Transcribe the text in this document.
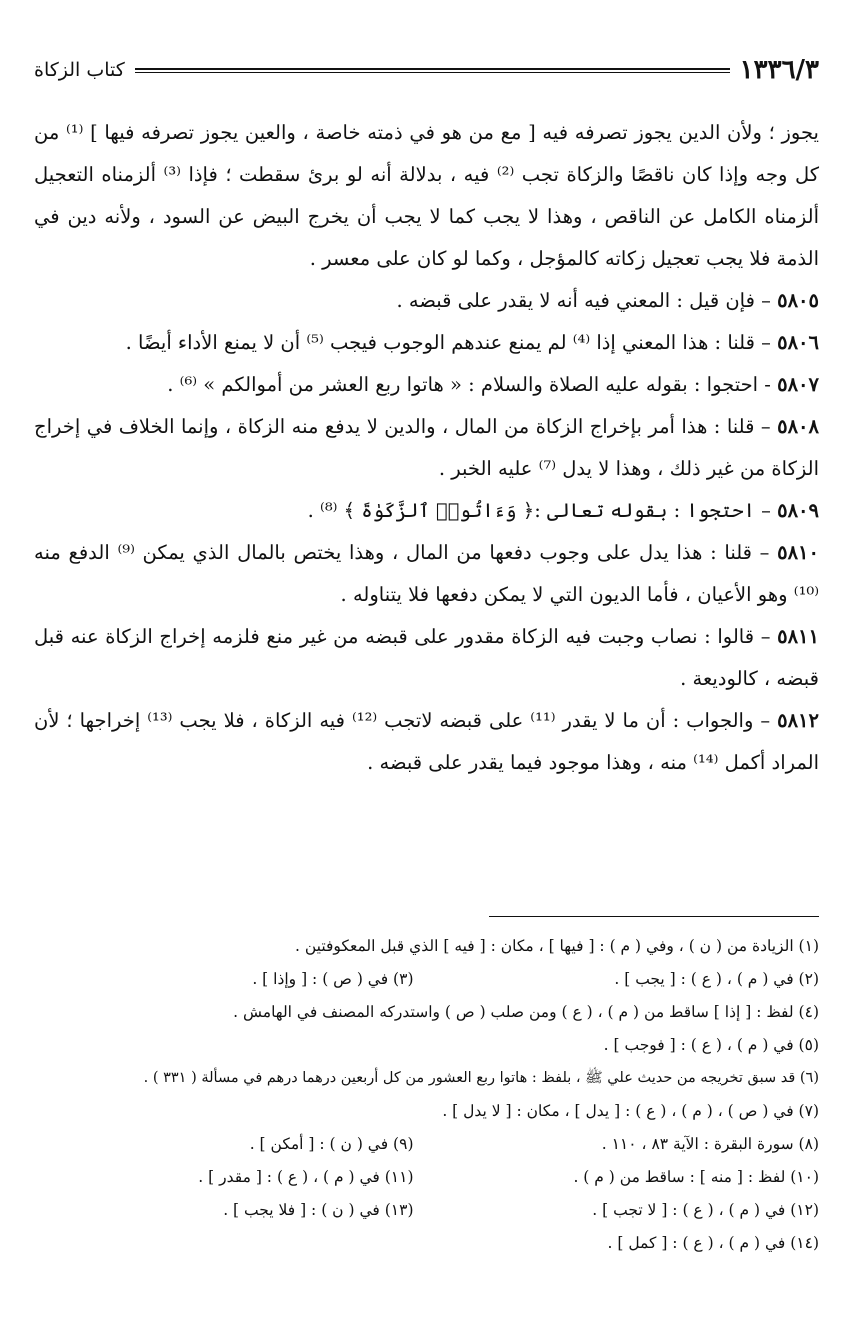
١٣٣٦/٣
كتاب الزكاة

يجوز ؛ ولأن الدين يجوز تصرفه فيه [ مع من هو في ذمته خاصة ، والعين يجوز تصرفه فيها ] ⁽¹⁾ من كل وجه وإذا كان ناقصًا والزكاة تجب ⁽²⁾ فيه ، بدلالة أنه لو برئ سقطت ؛ فإذا ⁽³⁾ ألزمناه التعجيل ألزمناه الكامل عن الناقص ، وهذا لا يجب كما لا يجب أن يخرج البيض عن السود ، ولأنه دين في الذمة فلا يجب تعجيل زكاته كالمؤجل ، وكما لو كان على معسر .

٥٨٠٥ – فإن قيل : المعني فيه أنه لا يقدر على قبضه .

٥٨٠٦ – قلنا : هذا المعني إذا ⁽⁴⁾ لم يمنع عندهم الوجوب فيجب ⁽⁵⁾ أن لا يمنع الأداء أيضًا .

٥٨٠٧ - احتجوا : بقوله عليه الصلاة والسلام : « هاتوا ربع العشر من أموالكم » ⁽⁶⁾ .

٥٨٠٨ – قلنا : هذا أمر بإخراج الزكاة من المال ، والدين لا يدفع منه الزكاة ، وإنما الخلاف في إخراج الزكاة من غير ذلك ، وهذا لا يدل ⁽⁷⁾ عليه الخبر .

٥٨٠٩ – احتجوا : بقوله تعالى :﴿ وَءَاتُوا۟ ٱلزَّكَوٰةَ ﴾ ⁽⁸⁾ .

٥٨١٠ – قلنا : هذا يدل على وجوب دفعها من المال ، وهذا يختص بالمال الذي يمكن ⁽⁹⁾ الدفع منه ⁽¹⁰⁾ وهو الأعيان ، فأما الديون التي لا يمكن دفعها فلا يتناوله .

٥٨١١ – قالوا : نصاب وجبت فيه الزكاة مقدور على قبضه من غير منع فلزمه إخراج الزكاة عنه قبل قبضه ، كالوديعة .

٥٨١٢ – والجواب : أن ما لا يقدر ⁽¹¹⁾ على قبضه لاتجب ⁽¹²⁾ فيه الزكاة ، فلا يجب ⁽¹³⁾ إخراجها ؛ لأن المراد أكمل ⁽¹⁴⁾ منه ، وهذا موجود فيما يقدر على قبضه .

(١) الزيادة من ( ن ) ، وفي ( م ) : [ فيها ] ، مكان : [ فيه ] الذي قبل المعكوفتين .
(٢) في ( م ) ، ( ع ) : [ يجب ] .
(٣) في ( ص ) : [ وإذا ] .
(٤) لفظ : [ إذا ] ساقط من ( م ) ، ( ع ) ومن صلب ( ص ) واستدركه المصنف في الهامش .
(٥) في ( م ) ، ( ع ) : [ فوجب ] .
(٦) قد سبق تخريجه من حديث علي ﷺ ، بلفظ : هاتوا ربع العشور من كل أربعين درهما درهم في مسألة ( ٣٣١ ) .
(٧) في ( ص ) ، ( م ) ، ( ع ) : [ يدل ] ، مكان : [ لا يدل ] .
(٨) سورة البقرة : الآية ٨٣ ، ١١٠ .
(٩) في ( ن ) : [ أمكن ] .
(١٠) لفظ : [ منه ] : ساقط من ( م ) .
(١١) في ( م ) ، ( ع ) : [ مقدر ] .
(١٢) في ( م ) ، ( ع ) : [ لا تجب ] .
(١٣) في ( ن ) : [ فلا يجب ] .
(١٤) في ( م ) ، ( ع ) : [ كمل ] .
